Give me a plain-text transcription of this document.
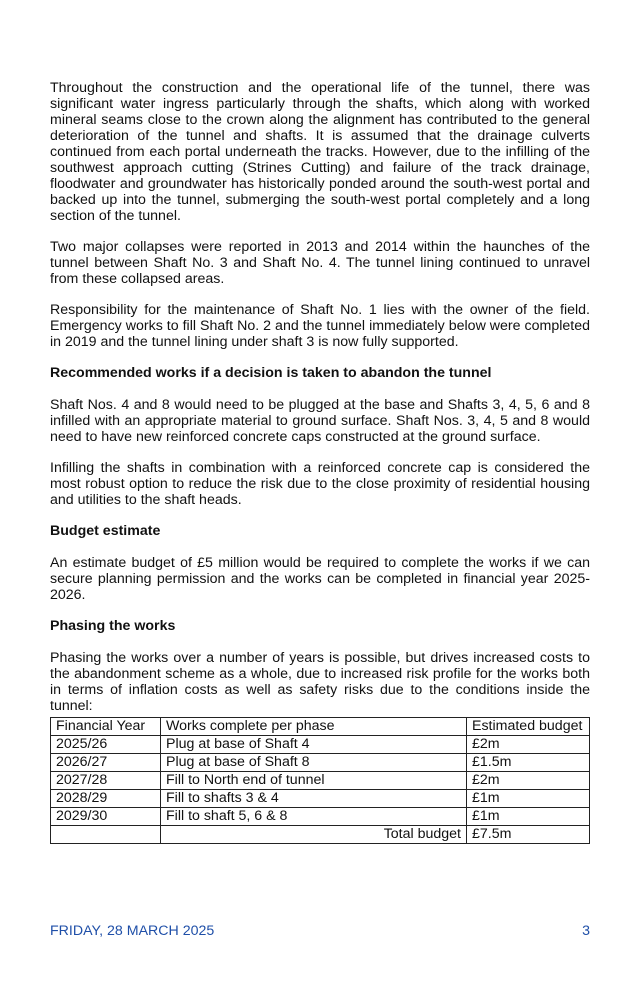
Throughout the construction and the operational life of the tunnel, there was significant water ingress particularly through the shafts, which along with worked mineral seams close to the crown along the alignment has contributed to the general deterioration of the tunnel and shafts. It is assumed that the drainage culverts continued from each portal underneath the tracks. However, due to the infilling of the southwest approach cutting (Strines Cutting) and failure of the track drainage, floodwater and groundwater has historically ponded around the south-west portal and backed up into the tunnel, submerging the south-west portal completely and a long section of the tunnel.

Two major collapses were reported in 2013 and 2014 within the haunches of the tunnel between Shaft No. 3 and Shaft No. 4. The tunnel lining continued to unravel from these collapsed areas.

Responsibility for the maintenance of Shaft No. 1 lies with the owner of the field. Emergency works to fill Shaft No. 2 and the tunnel immediately below were completed in 2019 and the tunnel lining under shaft 3 is now fully supported.

Recommended works if a decision is taken to abandon the tunnel

Shaft Nos. 4 and 8 would need to be plugged at the base and Shafts 3, 4, 5, 6 and 8 infilled with an appropriate material to ground surface. Shaft Nos. 3, 4, 5 and 8 would need to have new reinforced concrete caps constructed at the ground surface.

Infilling the shafts in combination with a reinforced concrete cap is considered the most robust option to reduce the risk due to the close proximity of residential housing and utilities to the shaft heads.

Budget estimate

An estimate budget of £5 million would be required to complete the works if we can secure planning permission and the works can be completed in financial year 2025-2026.

Phasing the works

Phasing the works over a number of years is possible, but drives increased costs to the abandonment scheme as a whole, due to increased risk profile for the works both in terms of inflation costs as well as safety risks due to the conditions inside the tunnel:

Financial Year	Works complete per phase	Estimated budget
2025/26	Plug at base of Shaft 4	£2m
2026/27	Plug at base of Shaft 8	£1.5m
2027/28	Fill to North end of tunnel	£2m
2028/29	Fill to shafts 3 & 4	£1m
2029/30	Fill to shaft 5, 6 & 8	£1m
	Total budget	£7.5m
FRIDAY, 28 MARCH 2025	3
